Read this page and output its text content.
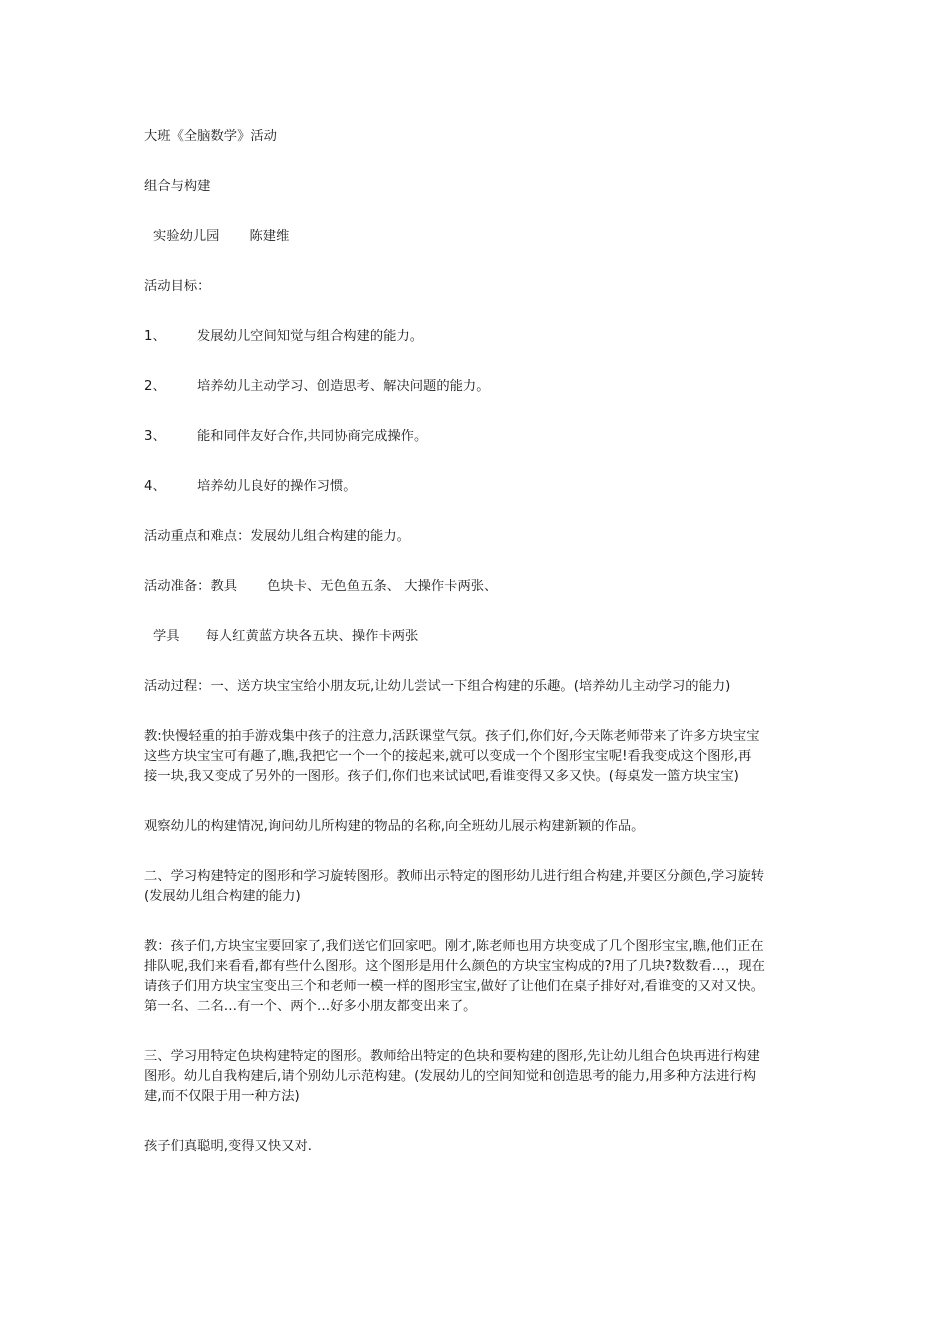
大班《全脑数学》活动

组合与构建

实验幼儿园 陈建维

活动目标：

1、	发展幼儿空间知觉与组合构建的能力。
2、	培养幼儿主动学习、创造思考、解决问题的能力。
3、	能和同伴友好合作,共同协商完成操作。
4、	培养幼儿良好的操作习惯。

活动重点和难点：发展幼儿组合构建的能力。

活动准备：教具 色块卡、无色鱼五条、 大操作卡两张、

学具 每人红黄蓝方块各五块、操作卡两张

活动过程：一、送方块宝宝给小朋友玩,让幼儿尝试一下组合构建的乐趣。(培养幼儿主动学习的能力)

教:快慢轻重的拍手游戏集中孩子的注意力,活跃课堂气氛。孩子们,你们好,今天陈老师带来了许多方块宝宝

这些方块宝宝可有趣了,瞧,我把它一个一个的接起来,就可以变成一个个图形宝宝呢!看我变成这个图形,再

接一块,我又变成了另外的一图形。孩子们,你们也来试试吧,看谁变得又多又快。(每桌发一篮方块宝宝)

观察幼儿的构建情况,询问幼儿所构建的物品的名称,向全班幼儿展示构建新颖的作品。

二、学习构建特定的图形和学习旋转图形。教师出示特定的图形幼儿进行组合构建,并要区分颜色,学习旋转

(发展幼儿组合构建的能力)

教：孩子们,方块宝宝要回家了,我们送它们回家吧。刚才,陈老师也用方块变成了几个图形宝宝,瞧,他们正在

排队呢,我们来看看,都有些什么图形。这个图形是用什么颜色的方块宝宝构成的?用了几块?数数看…，现在

请孩子们用方块宝宝变出三个和老师一模一样的图形宝宝,做好了让他们在桌子排好对,看谁变的又对又快。

第一名、二名…有一个、两个…好多小朋友都变出来了。

三、学习用特定色块构建特定的图形。教师给出特定的色块和要构建的图形,先让幼儿组合色块再进行构建

图形。幼儿自我构建后,请个别幼儿示范构建。(发展幼儿的空间知觉和创造思考的能力,用多种方法进行构

建,而不仅限于用一种方法)

孩子们真聪明,变得又快又对.
